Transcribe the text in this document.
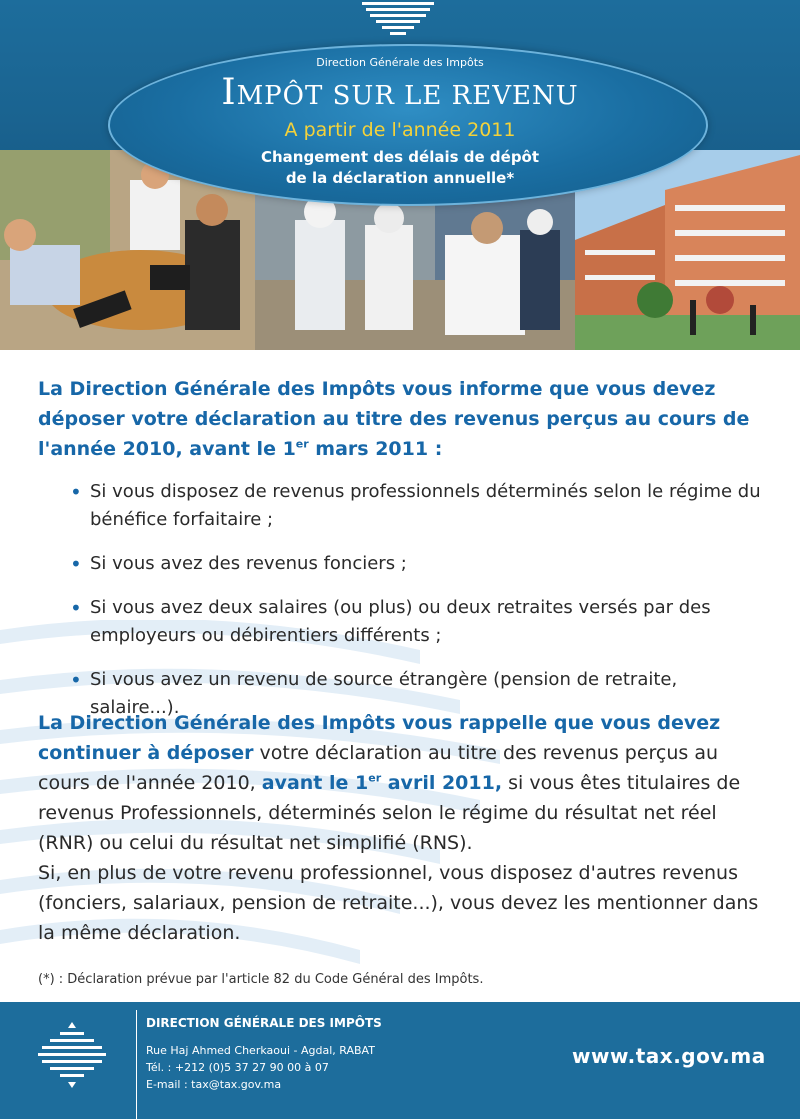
Direction Générale des Impôts
IMPÔT SUR LE REVENU
A partir de l'année 2011
Changement des délais de dépôt
de la déclaration annuelle*
La Direction Générale des Impôts vous informe que vous devez déposer votre déclaration au titre des revenus perçus au cours de l'année 2010, avant le 1er mars 2011 :
• Si vous disposez de revenus professionnels déterminés selon le régime du bénéfice forfaitaire ;
• Si vous avez des revenus fonciers ;
• Si vous avez deux salaires (ou plus) ou deux retraites versés par des employeurs ou débirentiers différents ;
• Si vous avez un revenu de source étrangère (pension de retraite, salaire...).
La Direction Générale des Impôts vous rappelle que vous devez continuer à déposer votre déclaration au titre des revenus perçus au cours de l'année 2010, avant le 1er avril 2011, si vous êtes titulaires de revenus Professionnels, déterminés selon le régime du résultat net réel (RNR) ou celui du résultat net simplifié (RNS).
Si, en plus de votre revenu professionnel, vous disposez d'autres revenus (fonciers, salariaux, pension de retraite...), vous devez les mentionner dans la même déclaration.
(*) : Déclaration prévue par l'article 82 du Code Général des Impôts.
DIRECTION GÉNÉRALE DES IMPÔTS
Rue Haj Ahmed Cherkaoui - Agdal, RABAT
Tél. : +212 (0)5 37 27 90 00 à 07
E-mail : tax@tax.gov.ma
www.tax.gov.ma
